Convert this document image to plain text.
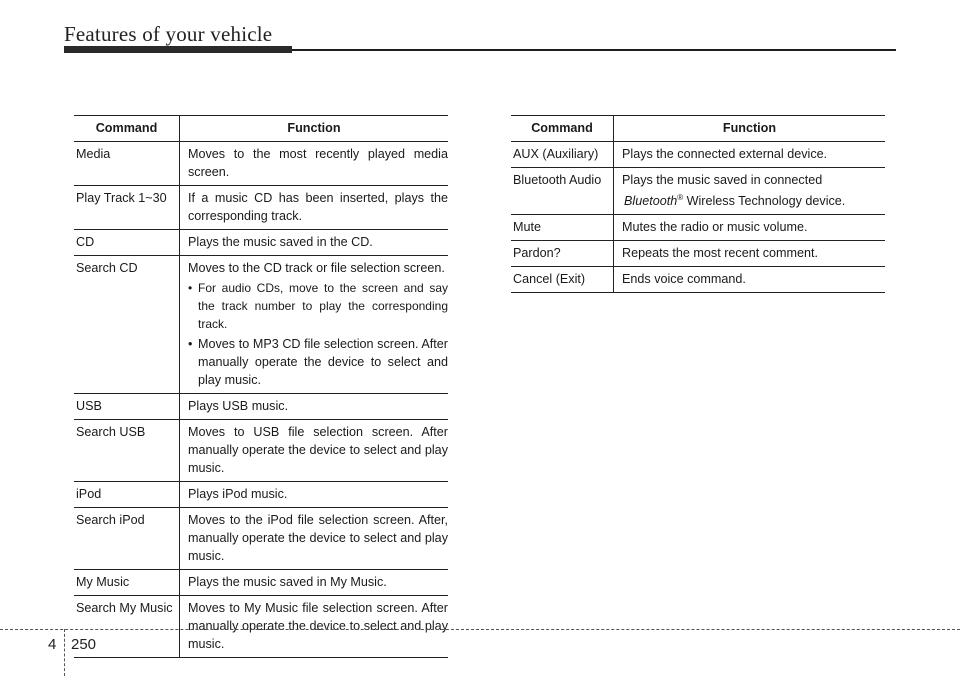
Features of your vehicle
Command	Function
Media	Moves to the most recently played media screen.
Play Track 1~30	If a music CD has been inserted, plays the corresponding track.
CD	Plays the music saved in the CD.
Search CD	Moves to the CD track or file selection screen.
• For audio CDs, move to the screen and say the track number to play the corresponding track.
• Moves to MP3 CD file selection screen. After manually operate the device to select and play music.

USB	Plays USB music.
Search USB	Moves to USB file selection screen. After manually operate the device to select and play music.
iPod	Plays iPod music.
Search iPod	Moves to the iPod file selection screen. After, manually operate the device to select and play music.
My Music	Plays the music saved in My Music.
Search My Music	Moves to My Music file selection screen. After manually operate the device to select and play music.
Command	Function
AUX (Auxiliary)	Plays the connected external device.
Bluetooth Audio	Plays the music saved in connected
Bluetooth® Wireless Technology device.

Mute	Mutes the radio or music volume.
Pardon?	Repeats the most recent comment.
Cancel (Exit)	Ends voice command.
4 250
